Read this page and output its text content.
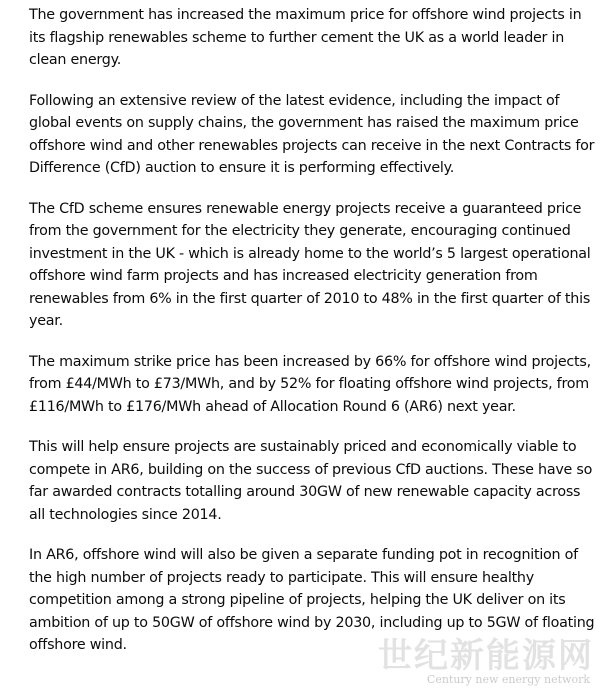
The government has increased the maximum price for offshore wind projects in its flagship renewables scheme to further cement the UK as a world leader in clean energy.

Following an extensive review of the latest evidence, including the impact of global events on supply chains, the government has raised the maximum price offshore wind and other renewables projects can receive in the next Contracts for Difference (CfD) auction to ensure it is performing effectively.

The CfD scheme ensures renewable energy projects receive a guaranteed price from the government for the electricity they generate, encouraging continued investment in the UK - which is already home to the world’s 5 largest operational offshore wind farm projects and has increased electricity generation from renewables from 6% in the first quarter of 2010 to 48% in the first quarter of this year.

The maximum strike price has been increased by 66% for offshore wind projects, from £44/MWh to £73/MWh, and by 52% for floating offshore wind projects, from £116/MWh to £176/MWh ahead of Allocation Round 6 (AR6) next year.

This will help ensure projects are sustainably priced and economically viable to compete in AR6, building on the success of previous CfD auctions. These have so far awarded contracts totalling around 30GW of new renewable capacity across all technologies since 2014.

In AR6, offshore wind will also be given a separate funding pot in recognition of the high number of projects ready to participate. This will ensure healthy competition among a strong pipeline of projects, helping the UK deliver on its ambition of up to 50GW of offshore wind by 2030, including up to 5GW of floating offshore wind.	世纪新能源网
Century new energy network
